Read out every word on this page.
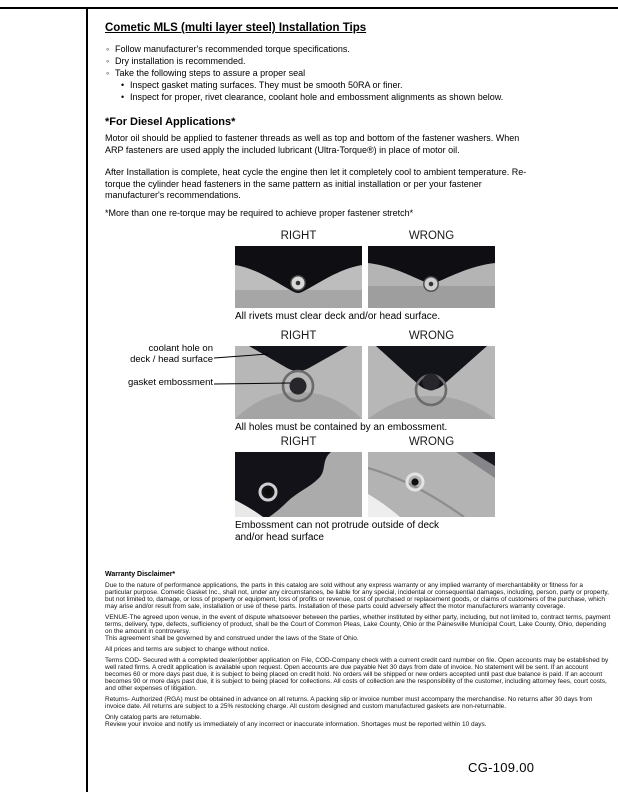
Cometic MLS (multi layer steel) Installation Tips
◦ Follow manufacturer's recommended torque specifications.
◦ Dry installation is recommended.
◦ Take the following steps to assure a proper seal
• Inspect gasket mating surfaces. They must be smooth 50RA or finer.
• Inspect for proper, rivet clearance, coolant hole and embossment alignments as shown below.
*For Diesel Applications*

Motor oil should be applied to fastener threads as well as top and bottom of the fastener washers. When ARP fasteners are used apply the included lubricant (Ultra-Torque®) in place of motor oil.

After Installation is complete, heat cycle the engine then let it completely cool to ambient temperature. Re-torque the cylinder head fasteners in the same pattern as initial installation or per your fastener manufacturer's recommendations.

*More than one re-torque may be required to achieve proper fastener stretch*

RIGHT	WRONG
All rivets must clear deck and/or head surface.
RIGHT	WRONG
All holes must be contained by an embossment.
RIGHT	WRONG
Embossment can not protrude outside of deck and/or head surface
coolant hole on
deck / head surface
gasket embossment
Warranty Disclaimer*

Due to the nature of performance applications, the parts in this catalog are sold without any express warranty or any implied warranty of merchantability or fitness for a particular purpose. Cometic Gasket Inc., shall not, under any circumstances, be liable for any special, incidental or consequential damages, including, person, party or property, but not limited to, damage, or loss of property or equipment, loss of profits or revenue, cost of purchased or replacement goods, or claims of customers of the purchase, which may arise and/or result from sale, installation or use of these parts. Installation of these parts could adversely affect the motor manufacturers warranty coverage.

VENUE-The agreed upon venue, in the event of dispute whatsoever between the parties, whether instituted by either party, including, but not limited to, contract terms, payment terms, delivery, type, defects, sufficiency of product, shall be the Court of Common Pleas, Lake County, Ohio or the Painesville Municipal Court, Lake County, Ohio, depending on the amount in controversy.

This agreement shall be governed by and construed under the laws of the State of Ohio.

All prices and terms are subject to change without notice.

Terms COD- Secured with a completed dealer/jobber application on File, COD-Company check with a current credit card number on file. Open accounts may be established by well rated firms. A credit application is available upon request. Open accounts are due payable Net 30 days from date of invoice. No statement will be sent. If an account becomes 60 or more days past due, it is subject to being placed on credit hold. No orders will be shipped or new orders accepted until past due balance is paid. If an account becomes 90 or more days past due, it is subject to being placed for collections. All costs of collection are the responsibility of the customer, including attorney fees, court costs, and other expenses of litigation.

Returns- Authorized (RGA) must be obtained in advance on all returns. A packing slip or invoice number must accompany the merchandise. No returns after 30 days from invoice date. All returns are subject to a 25% restocking charge. All custom designed and custom manufactured gaskets are non-returnable.

Only catalog parts are returnable.

Review your invoice and notify us immediately of any incorrect or inaccurate information. Shortages must be reported within 10 days.

CG-109.00
